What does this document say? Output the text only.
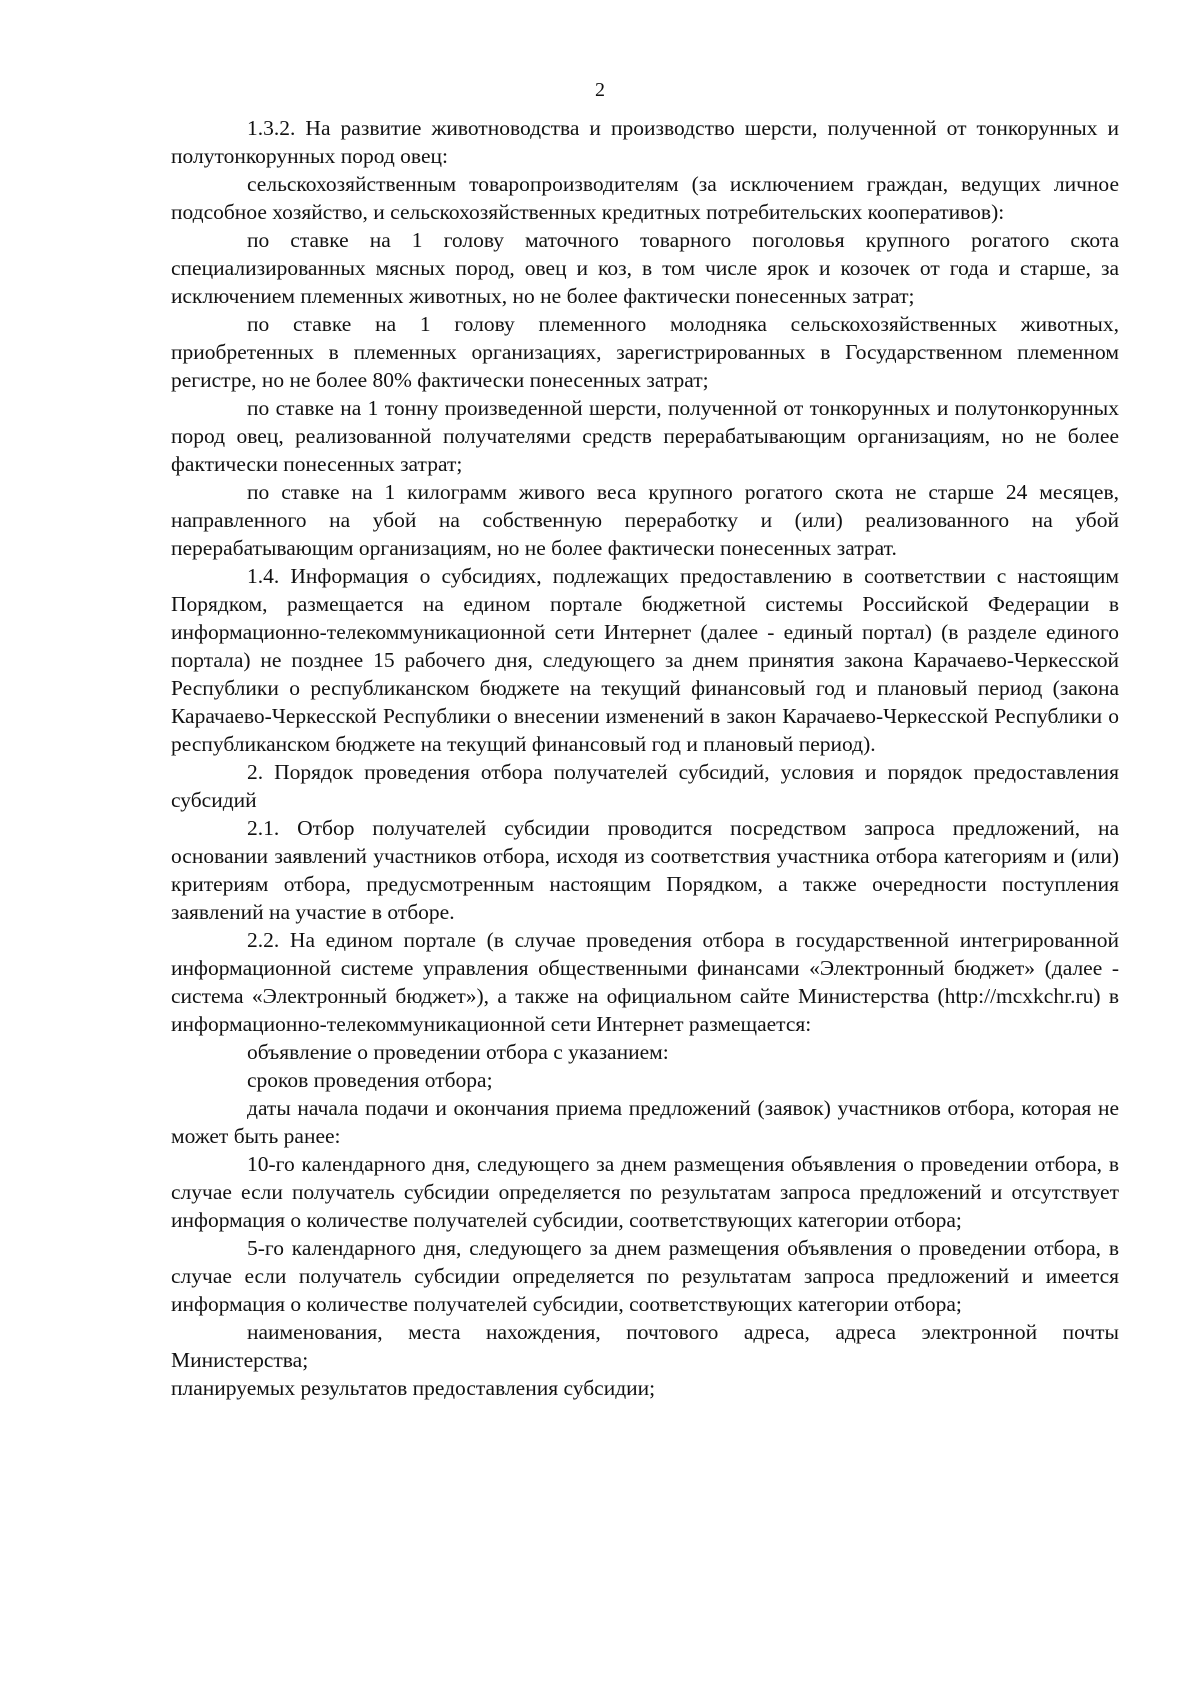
2

1.3.2. На развитие животноводства и производство шерсти, полученной от тонкорунных и полутонкорунных пород овец:

сельскохозяйственным товаропроизводителям (за исключением граждан, ведущих личное подсобное хозяйство, и сельскохозяйственных кредитных потребительских кооперативов):

по ставке на 1 голову маточного товарного поголовья крупного рогатого скота специализированных мясных пород, овец и коз, в том числе ярок и козочек от года и старше, за исключением племенных животных, но не более фактически понесенных затрат;

по ставке на 1 голову племенного молодняка сельскохозяйственных животных, приобретенных в племенных организациях, зарегистрированных в Государственном племенном регистре, но не более 80% фактически понесенных затрат;

по ставке на 1 тонну произведенной шерсти, полученной от тонкорунных и полутонкорунных пород овец, реализованной получателями средств перерабатывающим организациям, но не более фактически понесенных затрат;

по ставке на 1 килограмм живого веса крупного рогатого скота не старше 24 месяцев, направленного на убой на собственную переработку и (или) реализованного на убой перерабатывающим организациям, но не более фактически понесенных затрат.

1.4. Информация о субсидиях, подлежащих предоставлению в соответствии с настоящим Порядком, размещается на едином портале бюджетной системы Российской Федерации в информационно-телекоммуникационной сети Интернет (далее - единый портал) (в разделе единого портала) не позднее 15 рабочего дня, следующего за днем принятия закона Карачаево-Черкесской Республики о республиканском бюджете на текущий финансовый год и плановый период (закона Карачаево-Черкесской Республики о внесении изменений в закон Карачаево-Черкесской Республики о республиканском бюджете на текущий финансовый год и плановый период).

2. Порядок проведения отбора получателей субсидий, условия и порядок предоставления субсидий

2.1. Отбор получателей субсидии проводится посредством запроса предложений, на основании заявлений участников отбора, исходя из соответствия участника отбора категориям и (или) критериям отбора, предусмотренным настоящим Порядком, а также очередности поступления заявлений на участие в отборе.

2.2. На едином портале (в случае проведения отбора в государственной интегрированной информационной системе управления общественными финансами «Электронный бюджет» (далее - система «Электронный бюджет»), а также на официальном сайте Министерства (http://mcxkchr.ru) в информационно-телекоммуникационной сети Интернет размещается:

объявление о проведении отбора с указанием:

сроков проведения отбора;

даты начала подачи и окончания приема предложений (заявок) участников отбора, которая не может быть ранее:

10-го календарного дня, следующего за днем размещения объявления о проведении отбора, в случае если получатель субсидии определяется по результатам запроса предложений и отсутствует информация о количестве получателей субсидии, соответствующих категории отбора;

5-го календарного дня, следующего за днем размещения объявления о проведении отбора, в случае если получатель субсидии определяется по результатам запроса предложений и имеется информация о количестве получателей субсидии, соответствующих категории отбора;

наименования, места нахождения, почтового адреса, адреса электронной почты Министерства;

планируемых результатов предоставления субсидии;
